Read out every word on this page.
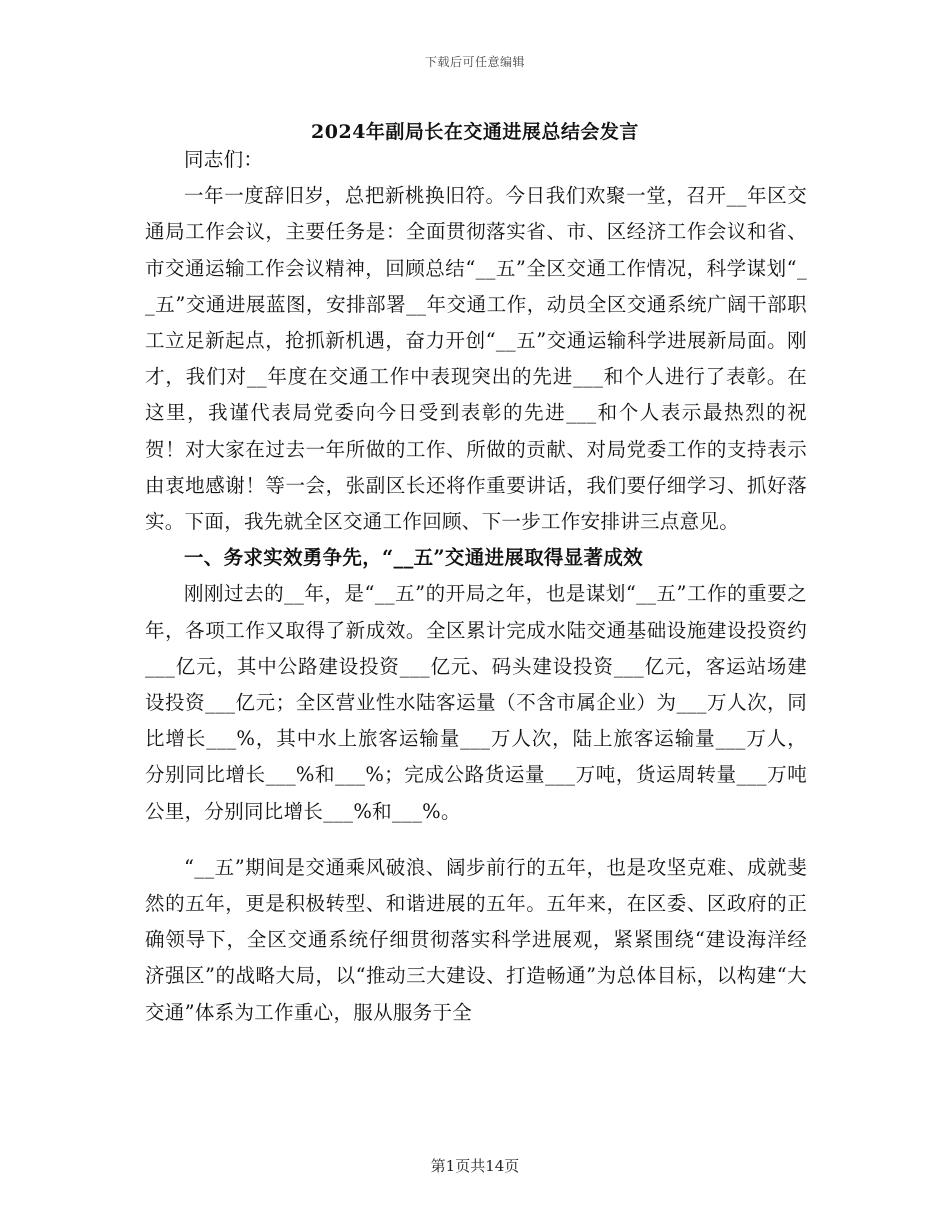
下载后可任意编辑
2024年副局长在交通进展总结会发言

同志们：

一年一度辞旧岁，总把新桃换旧符。今日我们欢聚一堂，召开__年区交通局工作会议，主要任务是：全面贯彻落实省、市、区经济工作会议和省、市交通运输工作会议精神，回顾总结“__五”全区交通工作情况，科学谋划“__五”交通进展蓝图，安排部署__年交通工作，动员全区交通系统广阔干部职工立足新起点，抢抓新机遇，奋力开创“__五”交通运输科学进展新局面。刚才，我们对__年度在交通工作中表现突出的先进___和个人进行了表彰。在这里，我谨代表局党委向今日受到表彰的先进___和个人表示最热烈的祝贺！对大家在过去一年所做的工作、所做的贡献、对局党委工作的支持表示由衷地感谢！等一会，张副区长还将作重要讲话，我们要仔细学习、抓好落实。下面，我先就全区交通工作回顾、下一步工作安排讲三点意见。

一、务求实效勇争先，“__五”交通进展取得显著成效

刚刚过去的__年，是“__五”的开局之年，也是谋划“__五”工作的重要之年，各项工作又取得了新成效。全区累计完成水陆交通基础设施建设投资约___亿元，其中公路建设投资___亿元、码头建设投资___亿元，客运站场建设投资___亿元；全区营业性水陆客运量（不含市属企业）为___万人次，同比增长___%，其中水上旅客运输量___万人次，陆上旅客运输量___万人，分别同比增长___%和___%；完成公路货运量___万吨，货运周转量___万吨公里，分别同比增长___%和___%。

“__五”期间是交通乘风破浪、阔步前行的五年，也是攻坚克难、成就斐然的五年，更是积极转型、和谐进展的五年。五年来，在区委、区政府的正确领导下，全区交通系统仔细贯彻落实科学进展观，紧紧围绕“建设海洋经济强区”的战略大局，以“推动三大建设、打造畅通”为总体目标，以构建“大交通”体系为工作重心，服从服务于全

第1页共14页
